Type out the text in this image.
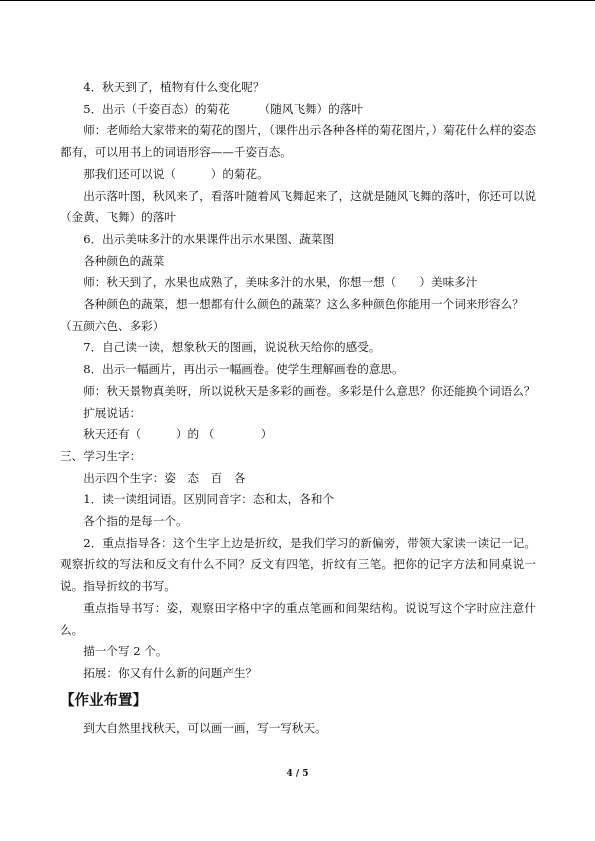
4．秋天到了，植物有什么变化呢？

5．出示（千姿百态）的菊花　　　（随风飞舞）的落叶

师：老师给大家带来的菊花的图片，（课件出示各种各样的菊花图片，）菊花什么样的姿态都有，可以用书上的词语形容——千姿百态。

那我们还可以说（　　　）的菊花。

出示落叶图，秋风来了，看落叶随着风飞舞起来了，这就是随风飞舞的落叶，你还可以说（金黄、飞舞）的落叶

6．出示美味多汁的水果课件出示水果图、蔬菜图

各种颜色的蔬菜

师：秋天到了，水果也成熟了，美味多汁的水果，你想一想（　　）美味多汁

各种颜色的蔬菜，想一想都有什么颜色的蔬菜？这么多种颜色你能用一个词来形容么？

（五颜六色、多彩）

7．自己读一读，想象秋天的图画，说说秋天给你的感受。

8．出示一幅画片，再出示一幅画卷。使学生理解画卷的意思。

师：秋天景物真美呀，所以说秋天是多彩的画卷。多彩是什么意思？你还能换个词语么？

扩展说话：

秋天还有（　　　）的 （　　　　）

三、学习生字：

出示四个生字：姿　态　百　各

1．读一读组词语。区别同音字：态和太，各和个

各个指的是每一个。

2．重点指导各：这个生字上边是折纹，是我们学习的新偏旁，带领大家读一读记一记。观察折纹的写法和反文有什么不同？反文有四笔，折纹有三笔。把你的记字方法和同桌说一说。指导折纹的书写。

重点指导书写：姿，观察田字格中字的重点笔画和间架结构。说说写这个字时应注意什么。

描一个写 2 个。

拓展：你又有什么新的问题产生？

【作业布置】

到大自然里找秋天，可以画一画，写一写秋天。

4 / 5
